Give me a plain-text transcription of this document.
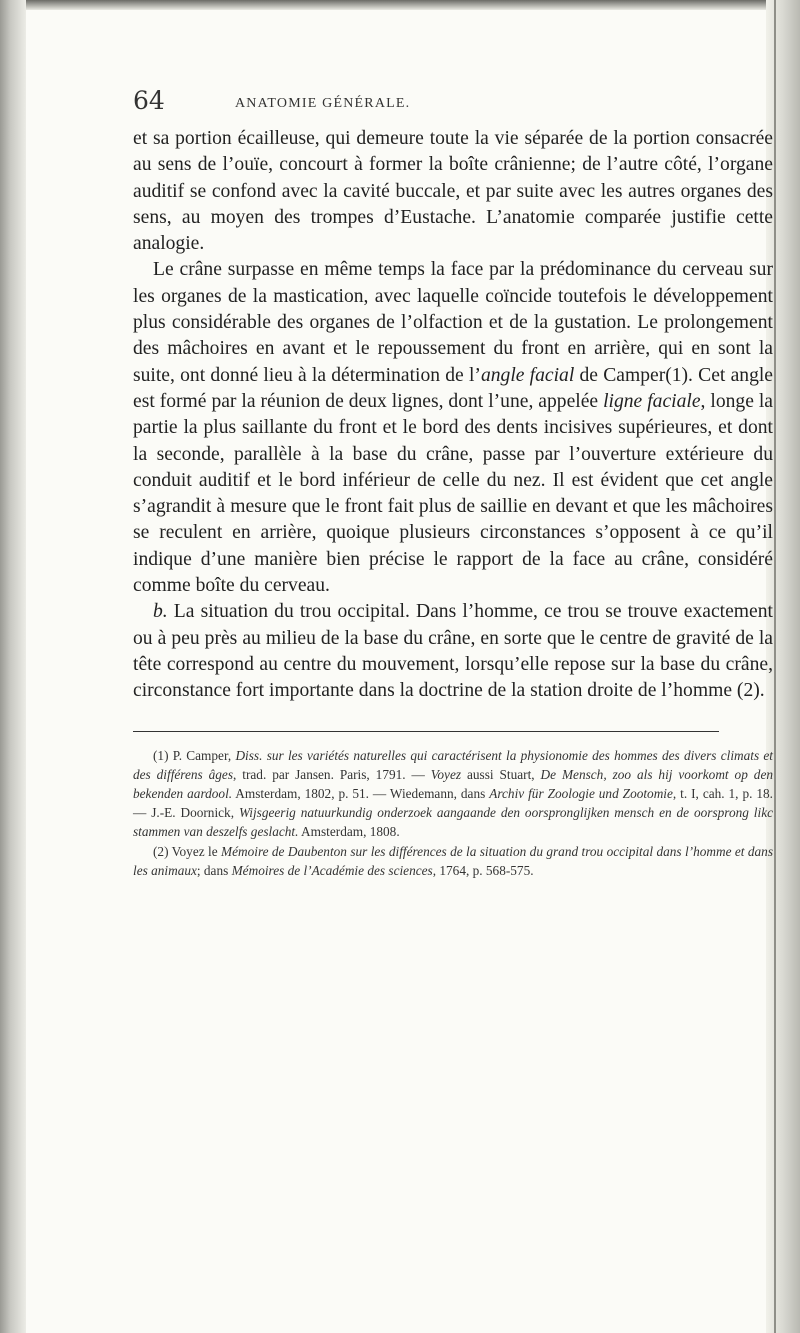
64	ANATOMIE GÉNÉRALE.

et sa portion écailleuse, qui demeure toute la vie séparée de la portion consacrée au sens de l’ouïe, concourt à former la boîte crânienne; de l’autre côté, l’organe auditif se confond avec la cavité buccale, et par suite avec les autres organes des sens, au moyen des trompes d’Eustache. L’anatomie comparée justifie cette analogie.

Le crâne surpasse en même temps la face par la prédominance du cerveau sur les organes de la mastication, avec laquelle coïncide toutefois le développement plus considérable des organes de l’olfaction et de la gustation. Le prolongement des mâchoires en avant et le repoussement du front en arrière, qui en sont la suite, ont donné lieu à la détermination de l’angle facial de Camper(1). Cet angle est formé par la réunion de deux lignes, dont l’une, appelée ligne faciale, longe la partie la plus saillante du front et le bord des dents incisives supérieures, et dont la seconde, parallèle à la base du crâne, passe par l’ouverture extérieure du conduit auditif et le bord inférieur de celle du nez. Il est évident que cet angle s’agrandit à mesure que le front fait plus de saillie en devant et que les mâchoires se reculent en arrière, quoique plusieurs circonstances s’opposent à ce qu’il indique d’une manière bien précise le rapport de la face au crâne, considéré comme boîte du cerveau.

b. La situation du trou occipital. Dans l’homme, ce trou se trouve exactement ou à peu près au milieu de la base du crâne, en sorte que le centre de gravité de la tête correspond au centre du mouvement, lorsqu’elle repose sur la base du crâne, circonstance fort importante dans la doctrine de la station droite de l’homme (2).

(1) P. Camper, Diss. sur les variétés naturelles qui caractérisent la physionomie des hommes des divers climats et des différens âges, trad. par Jansen. Paris, 1791. — Voyez aussi Stuart, De Mensch, zoo als hij voorkomt op den bekenden aardool. Amsterdam, 1802, p. 51. — Wiedemann, dans Archiv für Zoologie und Zootomie, t. I, cah. 1, p. 18. — J.-E. Doornick, Wijsgeerig natuurkundig onderzoek aangaande den oorspronglijken mensch en de oorsprong likc stammen van deszelfs geslacht. Amsterdam, 1808.

(2) Voyez le Mémoire de Daubenton sur les différences de la situation du grand trou occipital dans l’homme et dans les animaux; dans Mémoires de l’Académie des sciences, 1764, p. 568-575.
